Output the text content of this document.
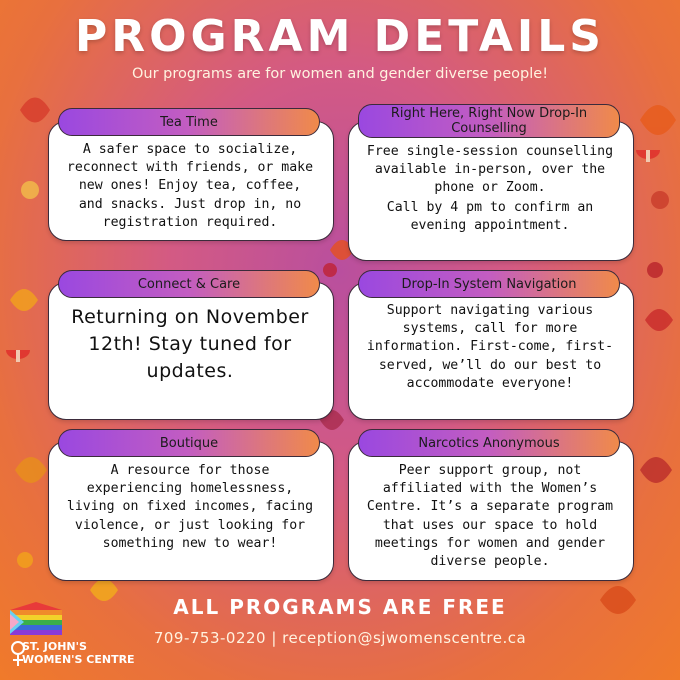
PROGRAM DETAILS
Our programs are for women and gender diverse people!
Tea Time
A safer space to socialize, reconnect with friends, or make new ones! Enjoy tea, coffee, and snacks. Just drop in, no registration required.
Right Here, Right Now Drop-In Counselling
Free single-session counselling available in-person, over the phone or Zoom.
Call by 4 pm to confirm an evening appointment.
Connect & Care
Returning on November 12th! Stay tuned for updates.
Drop-In System Navigation
Support navigating various systems, call for more information. First-come, first-served, we’ll do our best to accommodate everyone!
Boutique
A resource for those experiencing homelessness, living on fixed incomes, facing violence, or just looking for something new to wear!
Narcotics Anonymous
Peer support group, not affiliated with the Women’s Centre. It’s a separate program that uses our space to hold meetings for women and gender diverse people.
ALL PROGRAMS ARE FREE
709-753-0220 | reception@sjwomenscentre.ca
ST. JOHN'S
WOMEN'S CENTRE
